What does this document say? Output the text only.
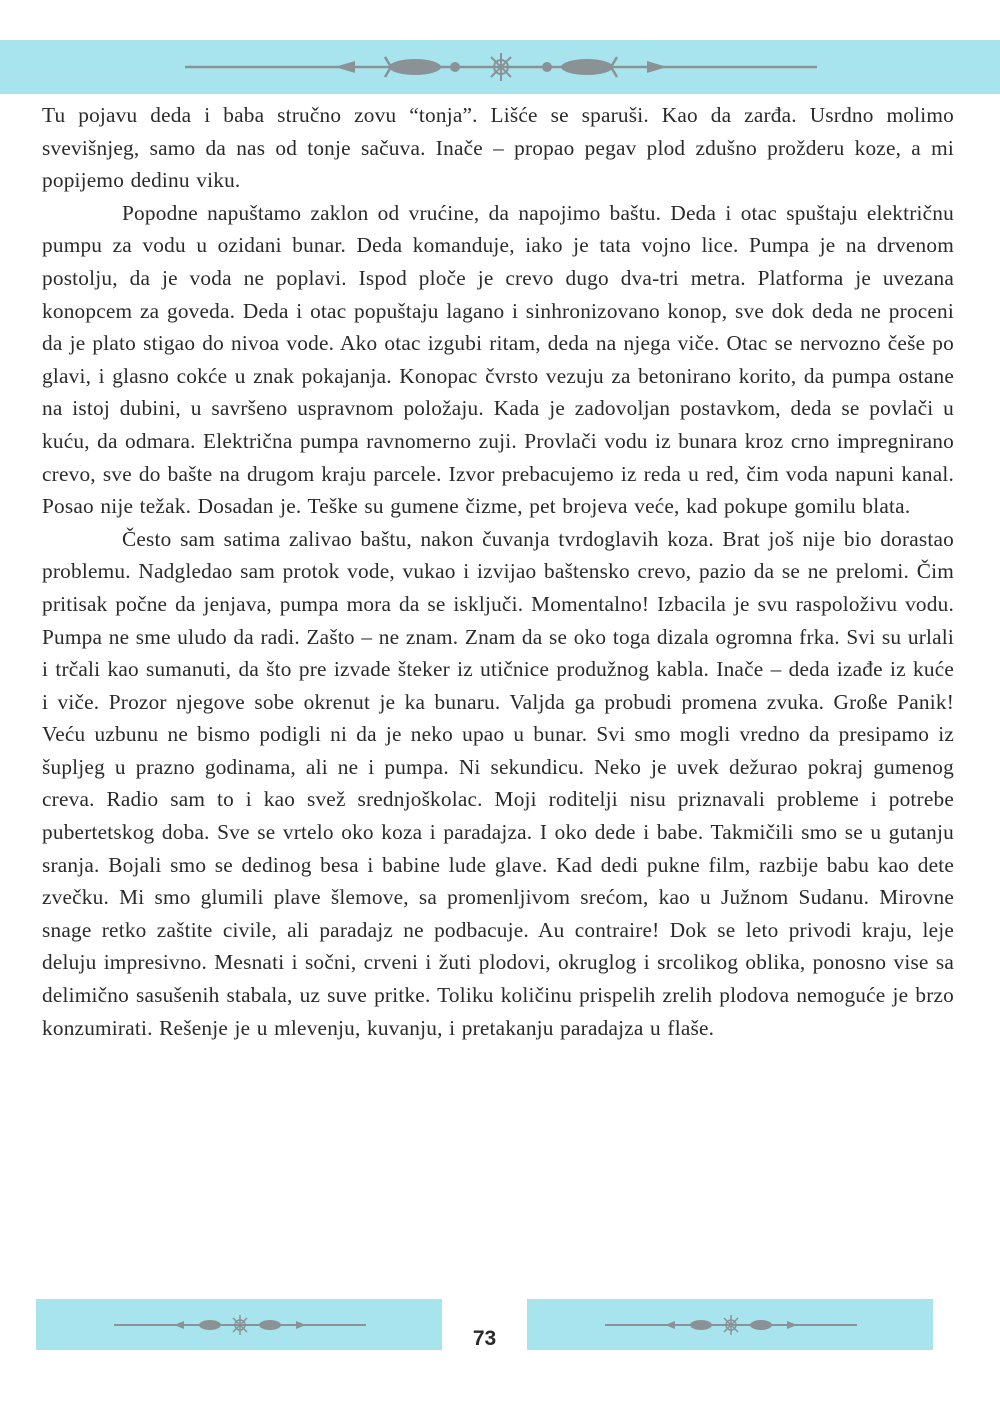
Tu pojavu deda i baba stručno zovu “tonja”. Lišće se sparuši. Kao da zarđa. Usrdno molimo svevišnjeg, samo da nas od tonje sačuva. Inače – propao pegav plod zdušno prožderu koze, a mi popijemo dedinu viku.

Popodne napuštamo zaklon od vrućine, da napojimo baštu. Deda i otac spuštaju električnu pumpu za vodu u ozidani bunar. Deda komanduje, iako je tata vojno lice. Pumpa je na drvenom postolju, da je voda ne poplavi. Ispod ploče je crevo dugo dva-tri metra. Platforma je uvezana konopcem za goveda. Deda i otac popuštaju lagano i sinhronizovano konop, sve dok deda ne proceni da je plato stigao do nivoa vode. Ako otac izgubi ritam, deda na njega viče. Otac se nervozno češe po glavi, i glasno cokće u znak pokajanja. Konopac čvrsto vezuju za betonirano korito, da pumpa ostane na istoj dubini, u savršeno uspravnom položaju. Kada je zadovoljan postavkom, deda se povlači u kuću, da odmara. Električna pumpa ravnomerno zuji. Provlači vodu iz bunara kroz crno impregnirano crevo, sve do bašte na drugom kraju parcele. Izvor prebacujemo iz reda u red, čim voda napuni kanal. Posao nije težak. Dosadan je. Teške su gumene čizme, pet brojeva veće, kad pokupe gomilu blata.

Često sam satima zalivao baštu, nakon čuvanja tvrdoglavih koza. Brat još nije bio dorastao problemu. Nadgledao sam protok vode, vukao i izvijao baštensko crevo, pazio da se ne prelomi. Čim pritisak počne da jenjava, pumpa mora da se isključi. Momentalno! Izbacila je svu raspoloživu vodu. Pumpa ne sme uludo da radi. Zašto – ne znam. Znam da se oko toga dizala ogromna frka. Svi su urlali i trčali kao sumanuti, da što pre izvade šteker iz utičnice produžnog kabla. Inače – deda izađe iz kuće i viče. Prozor njegove sobe okrenut je ka bunaru. Valjda ga probudi promena zvuka. Große Panik! Veću uzbunu ne bismo podigli ni da je neko upao u bunar. Svi smo mogli vredno da presipamo iz šupljeg u prazno godinama, ali ne i pumpa. Ni sekundicu. Neko je uvek dežurao pokraj gumenog creva. Radio sam to i kao svež srednjoškolac. Moji roditelji nisu priznavali probleme i potrebe pubertetskog doba. Sve se vrtelo oko koza i paradajza. I oko dede i babe. Takmičili smo se u gutanju sranja. Bojali smo se dedinog besa i babine lude glave. Kad dedi pukne film, razbije babu kao dete zvečku. Mi smo glumili plave šlemove, sa promenljivom srećom, kao u Južnom Sudanu. Mirovne snage retko zaštite civile, ali paradajz ne podbacuje. Au contraire! Dok se leto privodi kraju, leje deluju impresivno. Mesnati i sočni, crveni i žuti plodovi, okruglog i srcolikog oblika, ponosno vise sa delimično sasušenih stabala, uz suve pritke. Toliku količinu prispelih zrelih plodova nemoguće je brzo konzumirati. Rešenje je u mlevenju, kuvanju, i pretakanju paradajza u flaše.

73
